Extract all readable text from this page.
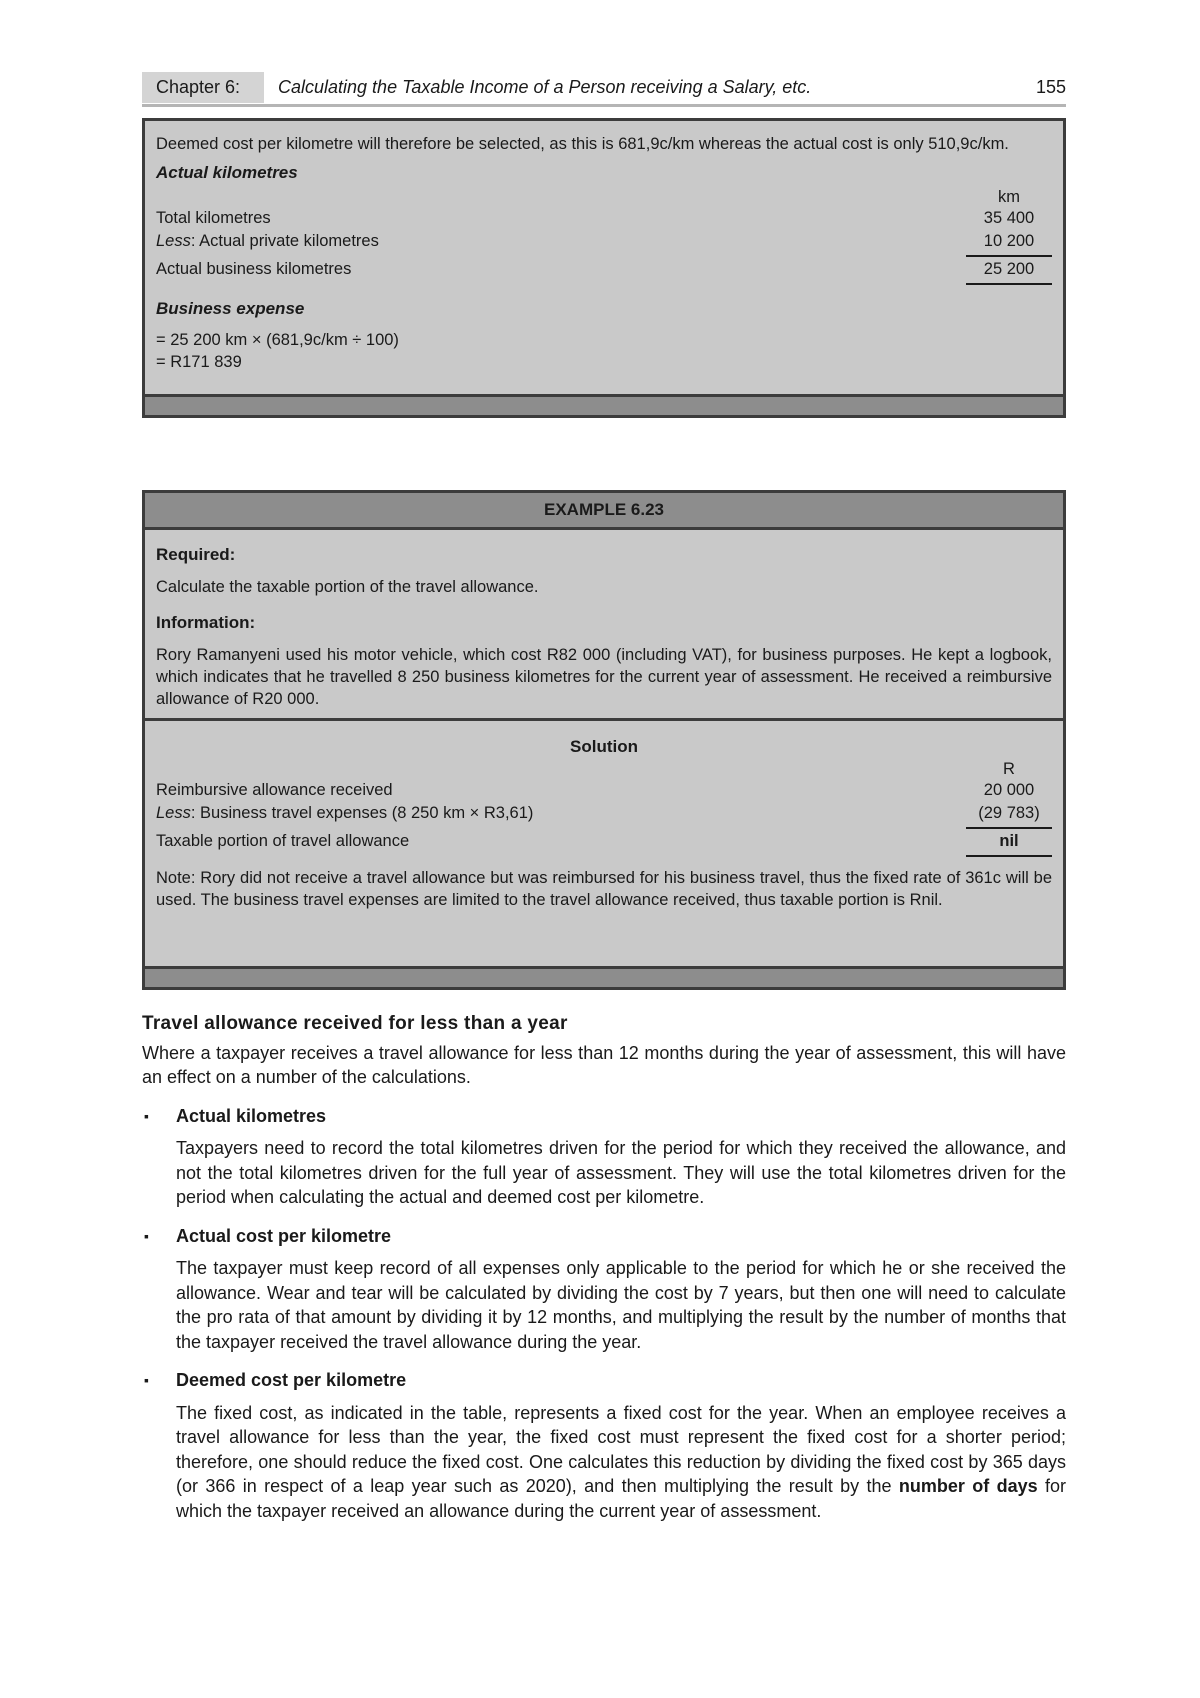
Chapter 6:	Calculating the Taxable Income of a Person receiving a Salary, etc.	155

Deemed cost per kilometre will therefore be selected, as this is 681,9c/km whereas the actual cost is only 510,9c/km.

Actual kilometres
km
Total kilometres	35 400
Less: Actual private kilometres	10 200
Actual business kilometres	25 200
Business expense
= 25 200 km × (681,9c/km ÷ 100)
= R171 839
EXAMPLE 6.23
Required:

Calculate the taxable portion of the travel allowance.

Information:

Rory Ramanyeni used his motor vehicle, which cost R82 000 (including VAT), for business purposes. He kept a logbook, which indicates that he travelled 8 250 business kilometres for the current year of assessment. He received a reimbursive allowance of R20 000.

Solution
R
Reimbursive allowance received	20 000
Less: Business travel expenses (8 250 km × R3,61)	(29 783)
Taxable portion of travel allowance	nil

Note: Rory did not receive a travel allowance but was reimbursed for his business travel, thus the fixed rate of 361c will be used. The business travel expenses are limited to the travel allowance received, thus taxable portion is Rnil.

Travel allowance received for less than a year

Where a taxpayer receives a travel allowance for less than 12 months during the year of assessment, this will have an effect on a number of the calculations.

▪ Actual kilometres

Taxpayers need to record the total kilometres driven for the period for which they received the allowance, and not the total kilometres driven for the full year of assessment. They will use the total kilometres driven for the period when calculating the actual and deemed cost per kilometre.

▪ Actual cost per kilometre

The taxpayer must keep record of all expenses only applicable to the period for which he or she received the allowance. Wear and tear will be calculated by dividing the cost by 7 years, but then one will need to calculate the pro rata of that amount by dividing it by 12 months, and multiplying the result by the number of months that the taxpayer received the travel allowance during the year.

▪ Deemed cost per kilometre

The fixed cost, as indicated in the table, represents a fixed cost for the year. When an employee receives a travel allowance for less than the year, the fixed cost must represent the fixed cost for a shorter period; therefore, one should reduce the fixed cost. One calculates this reduction by dividing the fixed cost by 365 days (or 366 in respect of a leap year such as 2020), and then multiplying the result by the number of days for which the taxpayer received an allowance during the current year of assessment.
